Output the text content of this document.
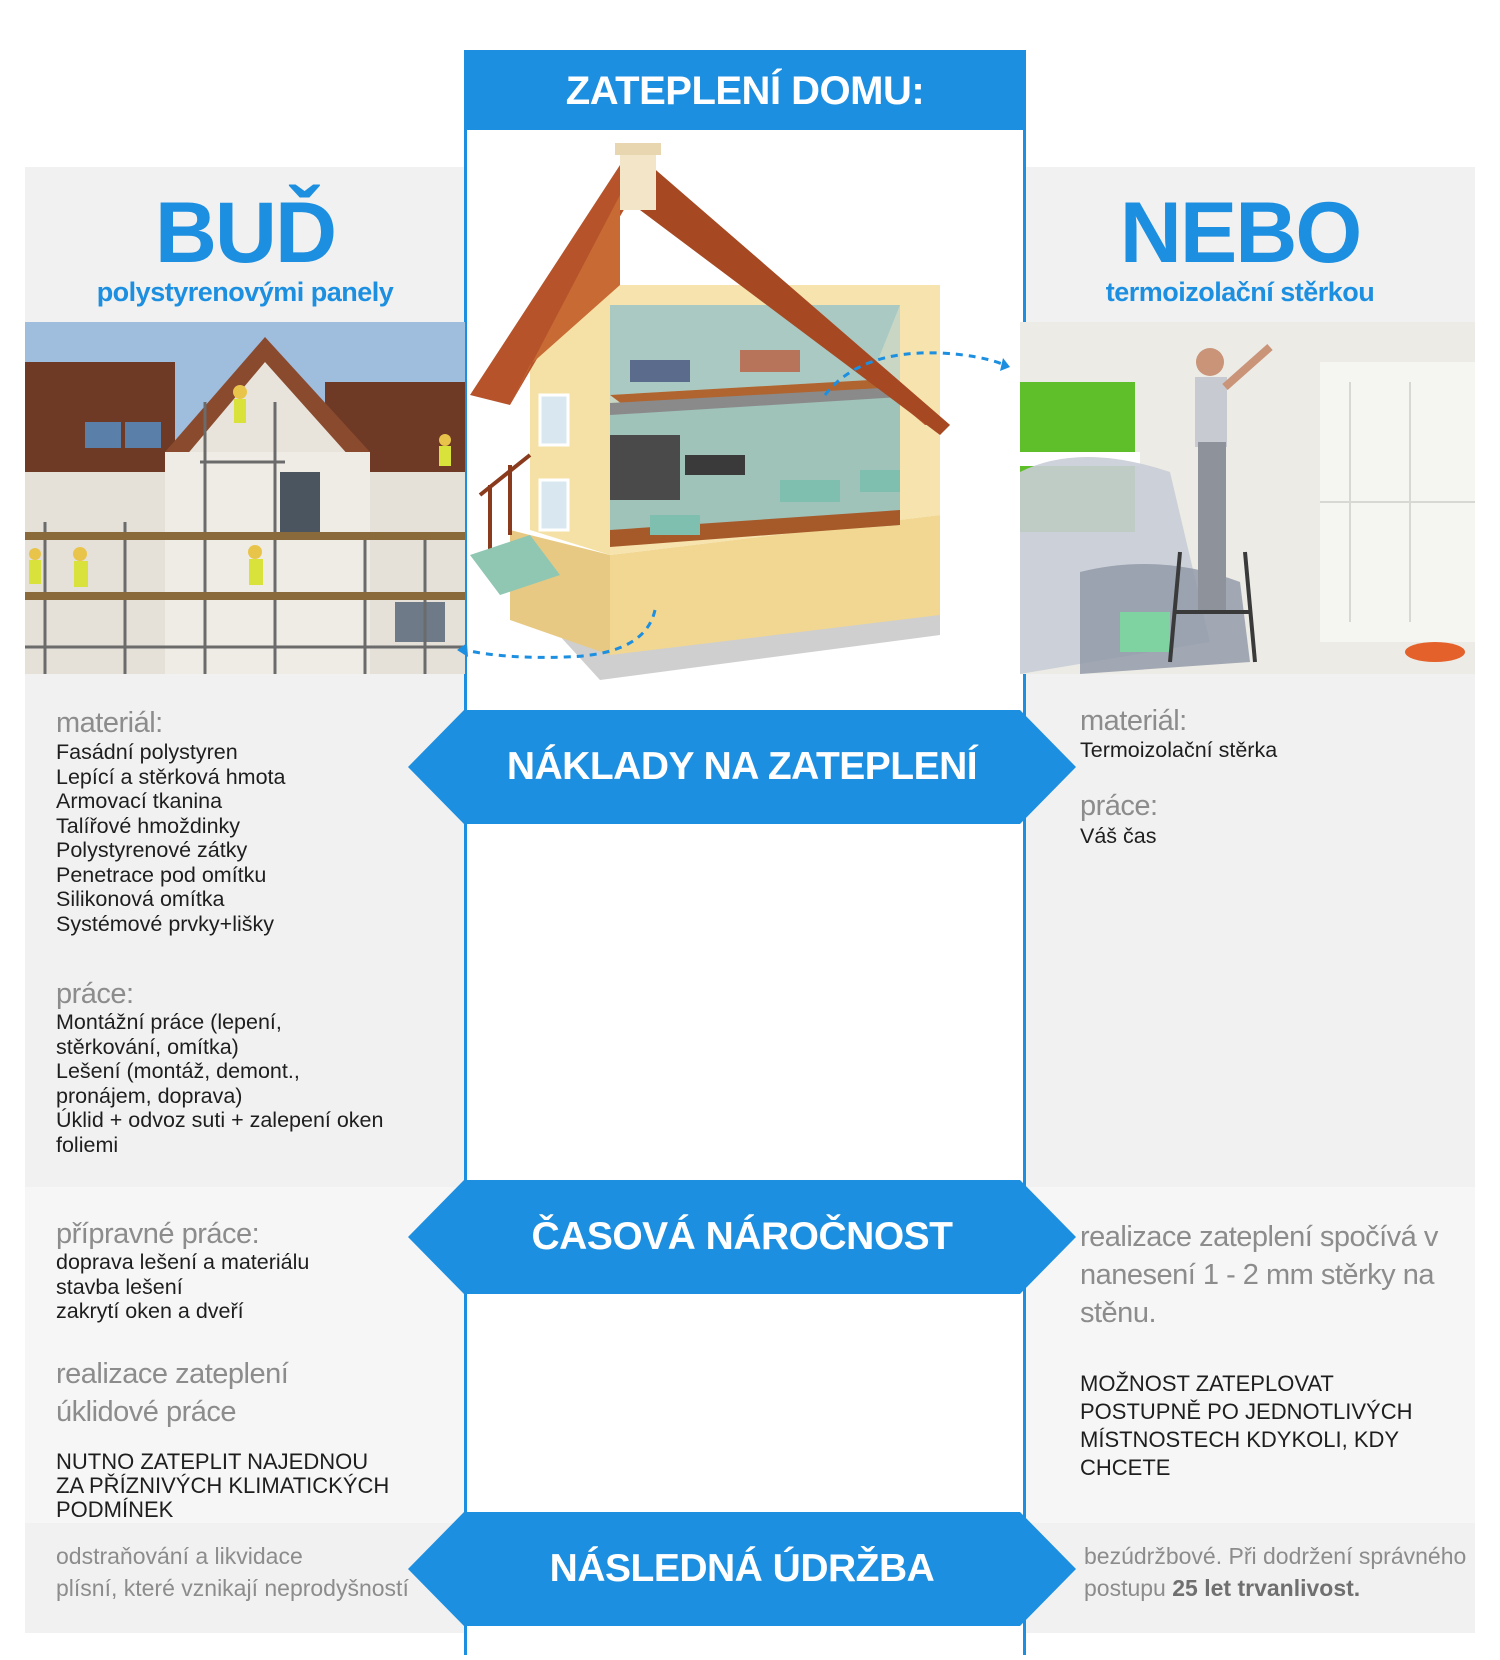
ZATEPLENÍ DOMU:
BUĎ
polystyrenovými panely
NEBO
termoizolační stěrkou
NÁKLADY NA ZATEPLENÍ
ČASOVÁ NÁROČNOST
NÁSLEDNÁ ÚDRŽBA
materiál:
Fasádní polystyren
Lepící a stěrková hmota
Armovací tkanina
Talířové hmoždinky
Polystyrenové zátky
Penetrace pod omítku
Silikonová omítka
Systémové prvky+lišky
práce:
Montážní práce (lepení,
stěrkování, omítka)
Lešení (montáž, demont.,
pronájem, doprava)
Úklid + odvoz suti + zalepení oken
foliemi
materiál:
Termoizolační stěrka
práce:
Váš čas
přípravné práce:
doprava lešení a materiálu
stavba lešení
zakrytí oken a dveří
realizace zateplení
úklidové práce
NUTNO ZATEPLIT NAJEDNOU
ZA PŘÍZNIVÝCH KLIMATICKÝCH
PODMÍNEK
realizace zateplení spočívá v
nanesení 1 - 2 mm stěrky na
stěnu.
MOŽNOST ZATEPLOVAT
POSTUPNĚ PO JEDNOTLIVÝCH
MÍSTNOSTECH KDYKOLI, KDY
CHCETE
odstraňování a likvidace
plísní, které vznikají neprodyšností
bezúdržbové. Při dodržení správného
postupu 25 let trvanlivost.
